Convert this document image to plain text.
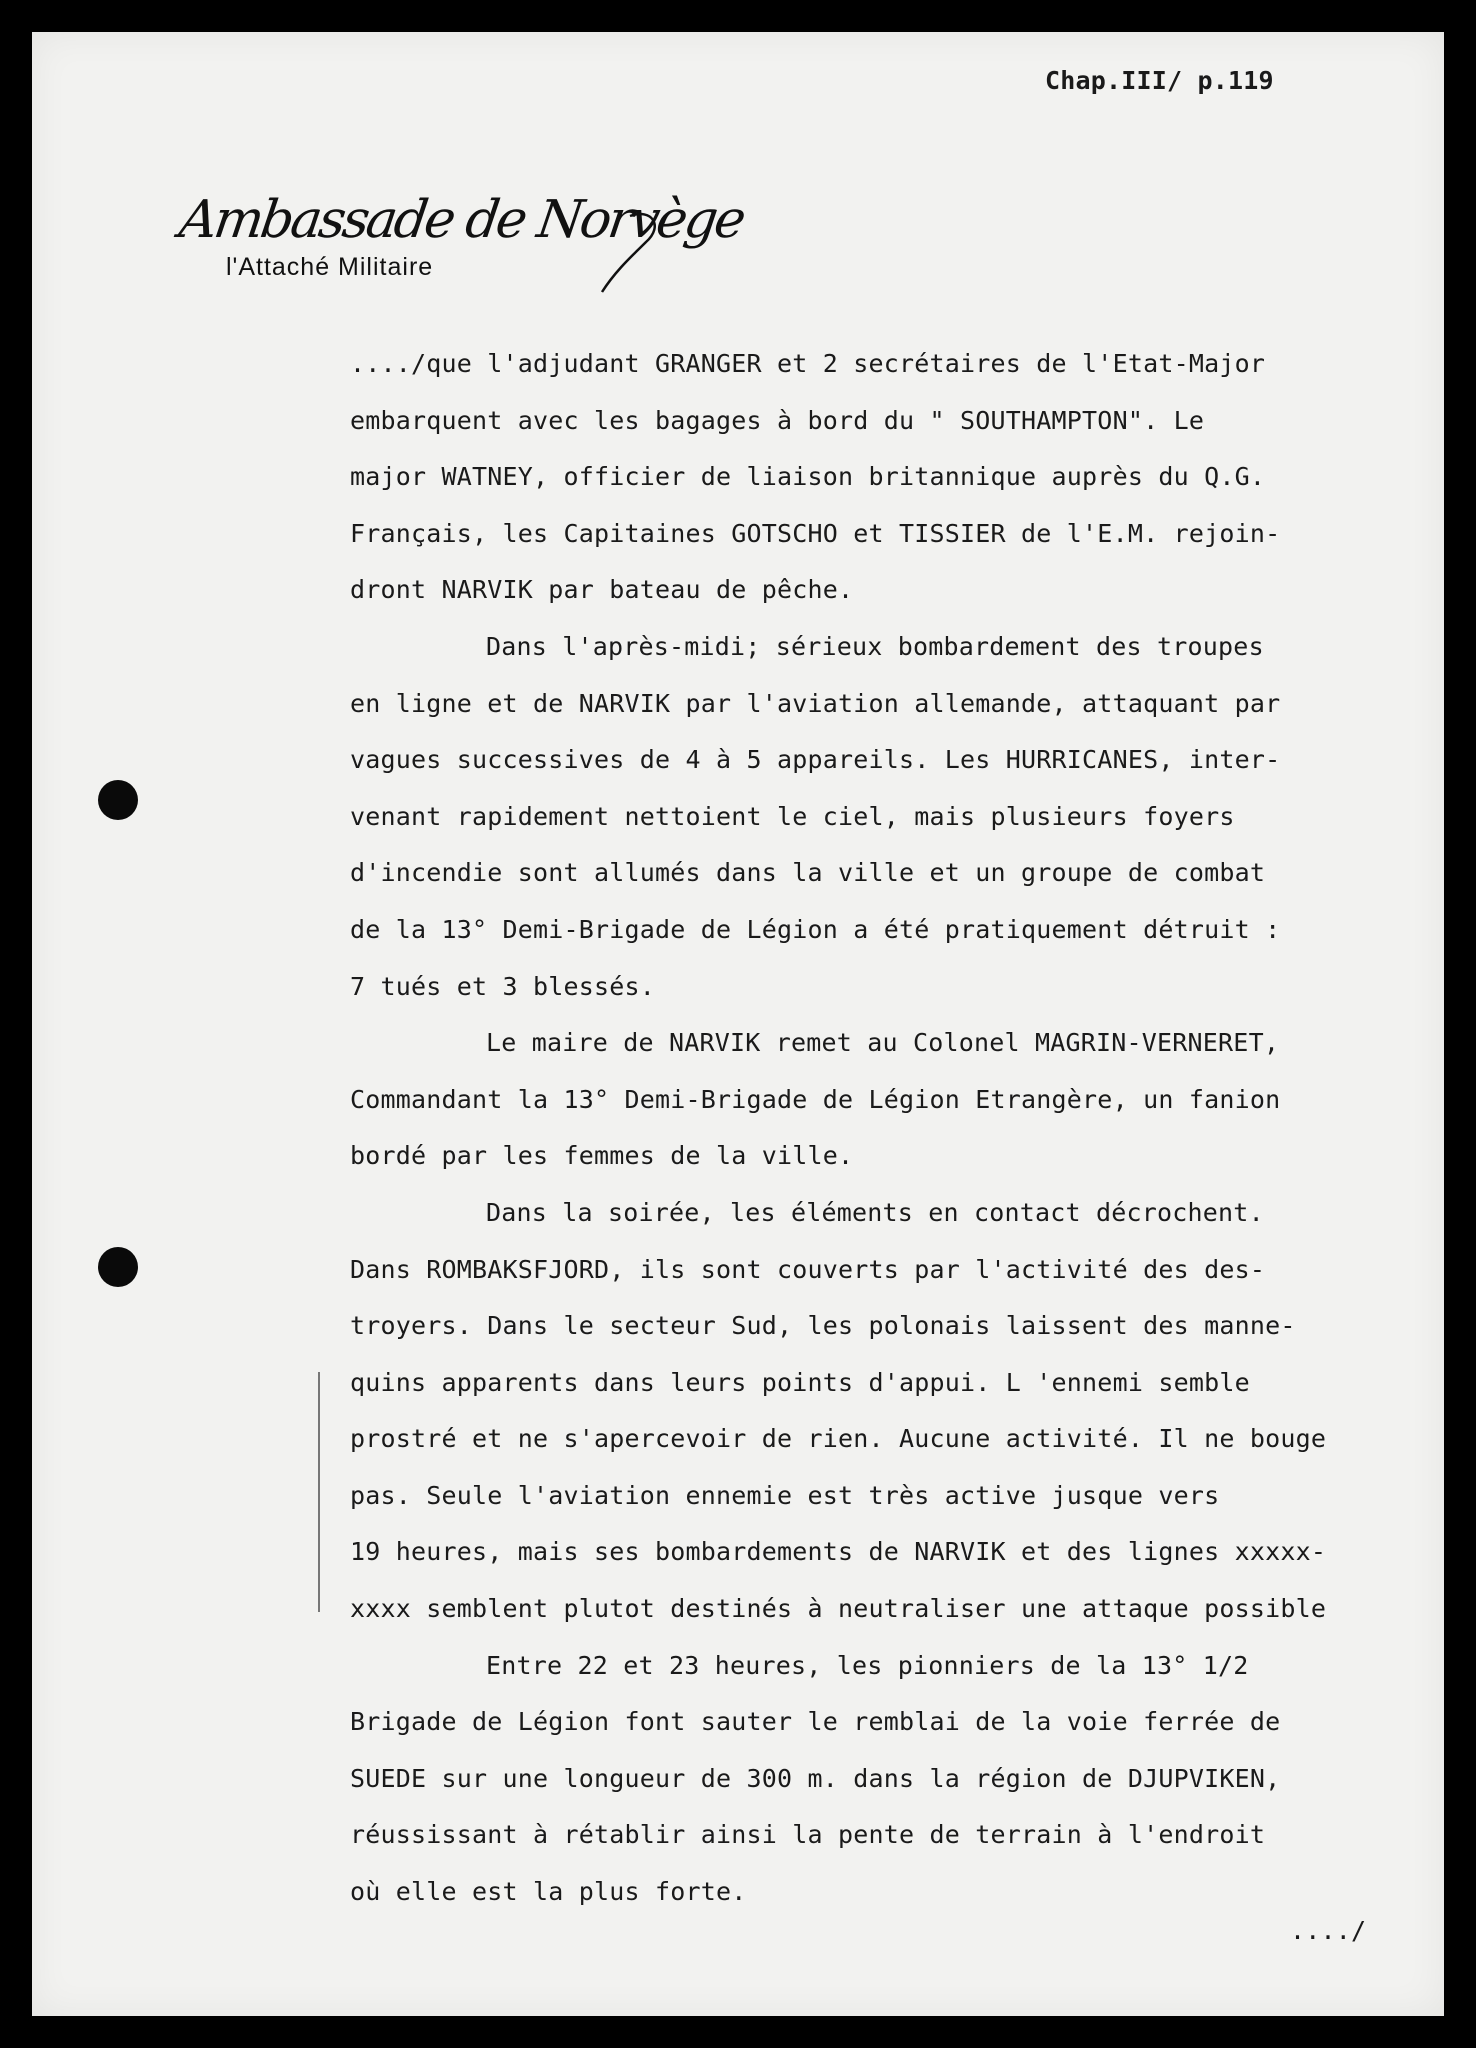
Chap.III/ p.119
Ambassade de Norvège
l'Attaché Militaire
..../que l'adjudant GRANGER et 2 secrétaires de l'Etat-Major
embarquent avec les bagages à bord du " SOUTHAMPTON". Le
major WATNEY, officier de liaison britannique auprès du Q.G.
Français, les Capitaines GOTSCHO et TISSIER de l'E.M. rejoin-
dront NARVIK par bateau de pêche.
Dans l'après-midi; sérieux bombardement des troupes
en ligne et de NARVIK par l'aviation allemande, attaquant par
vagues successives de 4 à 5 appareils. Les HURRICANES, inter-
venant rapidement nettoient le ciel, mais plusieurs foyers
d'incendie sont allumés dans la ville et un groupe de combat
de la 13° Demi-Brigade de Légion a été pratiquement détruit :
7 tués et 3 blessés.
Le maire de NARVIK remet au Colonel MAGRIN-VERNERET,
Commandant la 13° Demi-Brigade de Légion Etrangère, un fanion
bordé par les femmes de la ville.
Dans la soirée, les éléments en contact décrochent.
Dans ROMBAKSFJORD, ils sont couverts par l'activité des des-
troyers. Dans le secteur Sud, les polonais laissent des manne-
quins apparents dans leurs points d'appui. L 'ennemi semble
prostré et ne s'apercevoir de rien. Aucune activité. Il ne bouge
pas. Seule l'aviation ennemie est très active jusque vers
19 heures, mais ses bombardements de NARVIK et des lignes xxxxx-
xxxx semblent plutot destinés à neutraliser une attaque possible
Entre 22 et 23 heures, les pionniers de la 13° 1/2
Brigade de Légion font sauter le remblai de la voie ferrée de
SUEDE sur une longueur de 300 m. dans la région de DJUPVIKEN,
réussissant à rétablir ainsi la pente de terrain à l'endroit
où elle est la plus forte.
..../
